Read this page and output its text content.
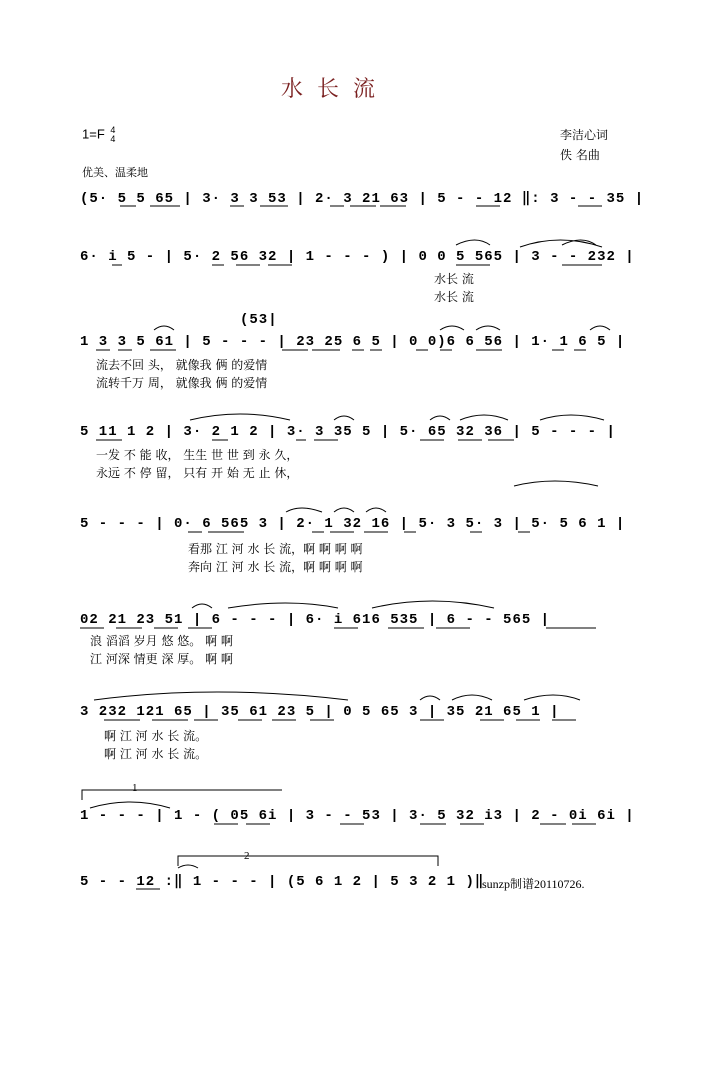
水长流
1=F 4
4	李洁心词
佚 名曲
优美、温柔地
(5· 5 5 65 | 3· 3 3 53 | 2· 3 21 63 | 5 - - 12 ‖: 3 - - 35 |
6· i 5 - | 5· 2 56 32 | 1 - - - ) | 0 0 5 565 | 3 - - 232 |
水长 流
水长 流
(53|
1 3 3 5 61 | 5 - - - | 23 25 6 5 | 0 0)6 6 56 | 1· 1 6 5 |
流去不回 头， 就像我 俩 的爱情
流转千万 周， 就像我 俩 的爱情
5 11 1 2 | 3· 2 1 2 | 3· 3 35 5 | 5· 65 32 36 | 5 - - - |
一发 不 能 收， 生生 世 世 到 永 久，
永远 不 停 留， 只有 开 始 无 止 休，
5 - - - | 0· 6 565 3 | 2· 1 32 16 | 5· 3 5· 3 | 5· 5 6 1 |
看那 江 河 水 长 流，啊 啊 啊 啊
奔向 江 河 水 长 流，啊 啊 啊 啊
02 21 23 51 | 6 - - - | 6· i 616 535 | 6 - - 565 |
浪 滔滔 岁月 悠 悠。 啊 啊
江 河深 情更 深 厚。 啊 啊
3 232 121 65 | 35 61 23 5 | 0 5 65 3 | 35 21 65 1 |
啊 江 河 水 长 流。
啊 江 河 水 长 流。
1
1 - - - | 1 - ( 05 6i | 3 - - 53 | 3· 5 32 i3 | 2 - 0i 6i |
2
5 - - 12 :‖ 1 - - - | (5 6 1 2 | 5 3 2 1 )‖
sunzp制谱20110726.
